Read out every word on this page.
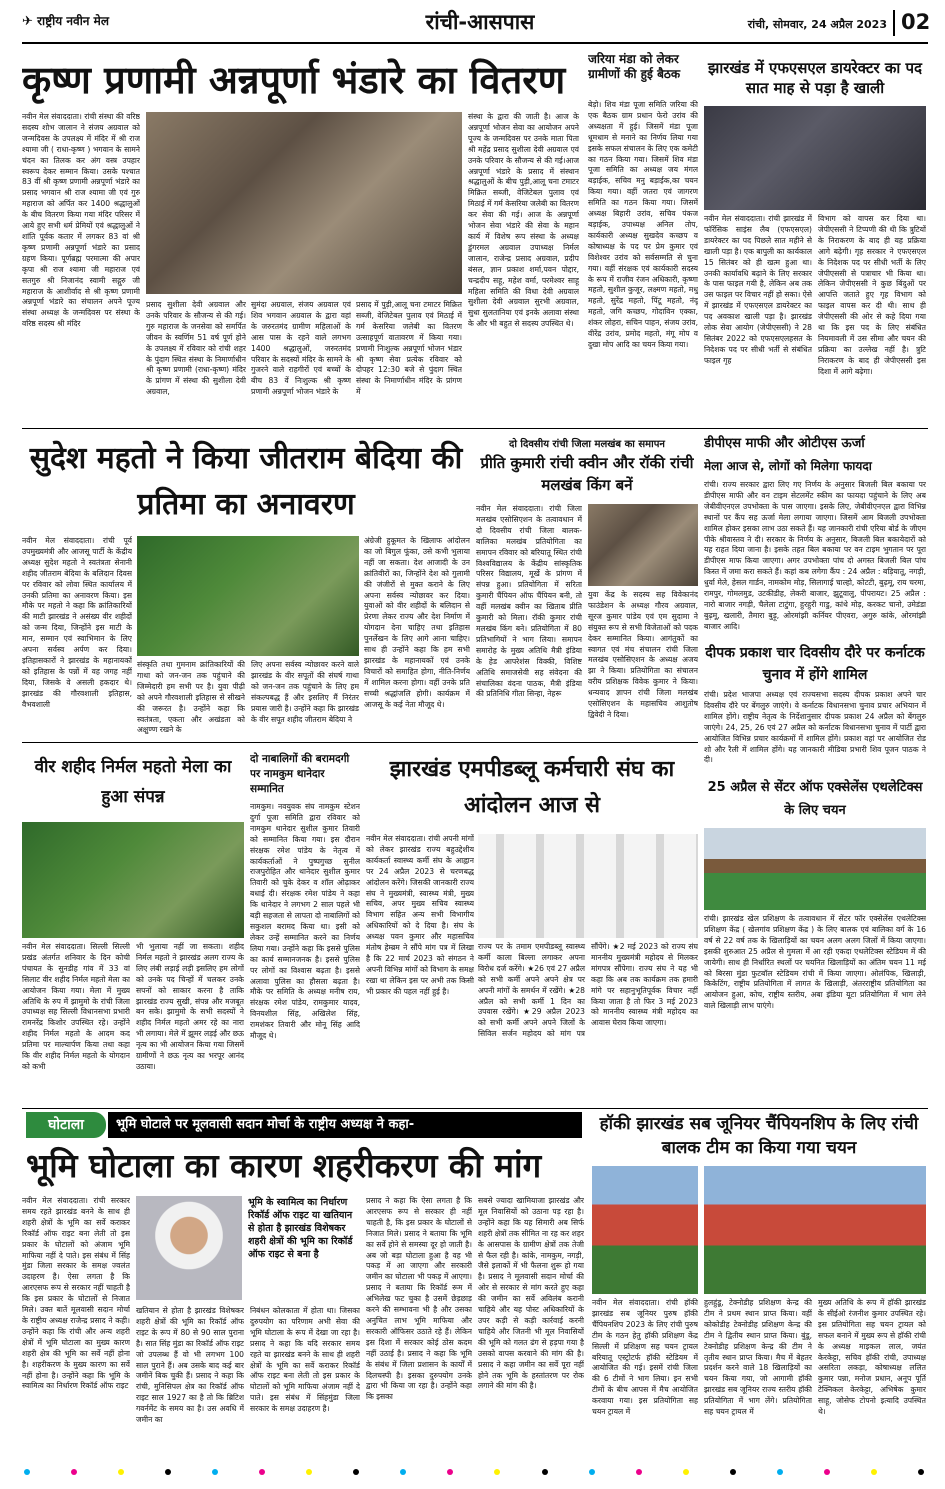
✈ राष्ट्रीय नवीन मेल	रांची-आसपास	रांची, सोमवार, 24 अप्रैल 2023 02
कृष्ण प्रणामी अन्नपूर्णा भंडारे का वितरण
नवीन मेल संवाददाता। रांची संस्था की वरिष्ठ सदस्य शोभ जालान ने संजय अग्रवाल को जन्मदिवस के उपलक्ष्य में मंदिर में श्री राज श्यामा जी ( राधा-कृष्ण ) भगवान के सामने चंदन का तिलक कर अंग वस्त्र उपहार स्वरूप देकर सम्मान किया। उसके पश्चात 83 वीं श्री कृष्ण प्रणामी अन्नपूर्णा भंडारे का प्रसाद भगवान श्री राज श्यामा जी एवं गुरु महाराज को अर्पित कर 1400 श्रद्धालुओं के बीच वितरण किया गया मंदिर परिसर में आये हुए सभी धर्म प्रेमियों एवं श्रद्धालुओं ने शांति पूर्वक कतार में लगकर 83 वां श्री कृष्ण प्रणामी अन्नपूर्णा भंडारे का प्रसाद ग्रहण किया। पूर्णब्रह्म परमात्मा की अपार कृपा श्री राज श्यामा जी महाराज एवं सतगुरु श्री निजानंद स्वामी सद्गुरु जी महाराज के आशीर्वाद से श्री कृष्ण प्रणामी अन्नपूर्णा भंडारे का संचालन अपने पूज्य संस्था अध्यक्ष के जन्मदिवस पर संस्था के वरिष्ठ सदस्य श्री मंदिर
प्रसाद सुशीला देवी अग्रवाल और उनके परिवार के सौजन्य से की गई। गुरु महाराज के जनसेवा को समर्पित जीवन के स्वर्णिम 51 वर्ष पूर्ण होने के उपलक्ष्य में रविवार को रांची शहर के पुंदाग स्थित संस्था के निमार्णाधीन श्री कृष्ण प्रणामी (राधा-कृष्ण) मंदिर के प्रांगण में संस्था की सुशीला देवी अग्रवाल,
सुमंदा अग्रवाल, संजय अग्रवाल एवं शिव भगवान अग्रवाल के द्वारा वहां के जरुरतमंद ग्रामीण महिलाओं के आस पास के रहने वाले लगभग 1400 श्रद्धालुओं, जरुरतमंद परिवार के सदस्यों मंदिर के सामने के गुजरने वाले राहगीरों एवं बच्चों के बीच 83 वें निःशुल्क श्री कृष्ण प्रणामी अन्नपूर्णा भोजन भंडारे के
प्रसाद में पुड़ी,आलू चना टमाटर मिक्रित सब्जी, वेजिटेबल पुलाव एवं मिठाई में गर्म केसरिया जलेबी का वितरण उत्साहपूर्ण वातावरण में किया गया। प्रणामी निःशुल्क अन्नपूर्णा भोजन भंडार श्री कृष्ण सेवा प्रत्येक रविवार को दोपहर 12:30 बजे से पुंदाग स्थित संस्था के निमार्णाधीन मंदिर के प्रांगण में
संस्था के द्वारा की जाती है। आज के अन्नपूर्णा भोजन सेवा का आयोजन अपने पूज्य के जन्मदिवस पर उनके माता पिता श्री महेंद्र प्रसाद सुशीला देवी अग्रवाल एवं उनके परिवार के सौजन्य से की गई।आज अन्नपूर्णा भंडारे के प्रसाद में संस्थान श्रद्धालुओं के बीच पुड़ी,आलू चना टमाटर मिक्रित सब्जी, वेजिटेबल पुलाव एवं मिठाई में गर्म केसरिया जलेबी का वितरण कर सेवा की गई। आज के अन्नपूर्णा भोजन सेवा भंडारे की सेवा के महान कार्य में विशेष रूप संस्था के अध्यक्ष डुंगरमल अग्रवाल उपाध्यक्ष निर्मल जालान, राजेन्द्र प्रसाद अग्रवाल, प्रदीप बंसल, ज्ञान प्रकाश शर्मा,पवन पोद्दार, चन्द्रदीप सहू, महेश वर्मा, परमेश्वर साहू महिला समिति की विधा देवी अग्रवाल सुशीला देवी अग्रवाल सुरभी अग्रवाल, सुधा सुलतानिया एवं इनके अलावा संस्था के और भी बहुत से सदस्य उपस्थित थे।
जरिया मंडा को लेकर ग्रामीणों की हुई बैठक
बेड़ो। शिव मंडा पूजा समिति जरिया की एक बैठक ग्राम प्रधान फेरो उरांव की अध्यक्षता में हुई। जिसमें मंडा पूजा धूमधाम से मनाने का निर्णय लिया गया इसके सफल संचालन के लिए एक कमेटी का गठन किया गया। जिसमें शिव मंडा पूजा समिति का अध्यक्ष जय मंगल बड़ाईक, सचिव मनु बड़ाईक,का चयन किया गया। वहीं जतरा एवं जागरण समिति का गठन किया गया। जिसमें अध्यक्ष बिहारी उरांव, सचिव पंकज बड़ाईक, उपाध्यक्ष अनिल तोप, कार्यकारी अध्यक्ष सुखदेव कच्छप व कोषाध्यक्ष के पद पर प्रेम कुमार एवं विशेश्वर उरांव को सर्वसम्मति से चुना गया। वहीं संरक्षक एवं कार्यकारी सदस्य के रूप में राजीव रंजन अधिकारी, कृष्णा महतो, सुशील कुजूर, लक्ष्मण महतो, मधु महतो, सुरेंद्र महतो, पिंटू महतो, नंदू महतो, जगि कच्छप, गोदाविन एक्का, शंकर लोहरा, सचिन पाहन, संजय उरांव, वीरेंद्र उरांव, प्रमोद महतो, मंगू मोप व दुखा मोप आदि का चयन किया गया।
झारखंड में एफएसएल डायरेक्टर का पद सात माह से पड़ा है खाली
नवीन मेल संवाददाता। रांची झारखंड में फॉरेंसिक साइंस लैब (एफएसएल) डायरेक्टर का पद पिछले सात महीने से खाली पड़ा है। एक बापुली का कार्यकाल 15 सितंबर को ही खत्म हुआ था। उनकी कार्यावधि बढ़ाने के लिए सरकार के पास फाइल गयी है, लेकिन अब तक उस फाइल पर विचार नहीं हो सका। ऐसे में झारखंड में एफएसएल डायरेक्टर का पद अवकाश खाली पड़ा है। झारखंड लोक सेवा आयोग (जेपीएससी) ने 28 सितंबर 2022 को एफएसएलहसत के निदेशक पद पर सीधी भर्ती से संबंधित फाइल गृह
विभाग को वापस कर दिया था। जेपीएससी ने टिप्पणी की थी कि त्रुटियों के निराकरण के बाद ही यह प्रक्रिया आगे बढ़ेगी। गृह सरकार ने एफएसएल के निदेशक पद पर सीधी भर्ती के लिए जेपीएससी से पत्राचार भी किया था। लेकिन जेपीएससी ने कुछ बिंदुओं पर आपत्ति जताते हुए गृह विभाग को फाइल वापस कर दी थी। साथ ही जेपीएससी की ओर से कहे दिया गया था कि इस पद के लिए संबंधित नियमावली में उस सीमा और चयन की प्रक्रिया का उल्लेख नहीं है। त्रुटि निराकरण के बाद ही जेपीएससी इस दिशा में आगे बढ़ेगा।
सुदेश महतो ने किया जीतराम बेदिया की प्रतिमा का अनावरण
नवीन मेल संवाददाता। रांची पूर्व उपमुख्यमंत्री और आजसू पार्टी के केंद्रीय अध्यक्ष सुदेश महतो ने स्वतंत्रता सेनानी शहीद जीतराम बेदिया के बलिदान दिवस पर रविवार को लोवा स्थित कार्यालय में उनकी प्रतिमा का अनावरण किया। इस मौके पर महतो ने कहा कि क्रांतिकारियों की माटी झारखंड ने असंख्य वीर शहीदों को जन्म दिया, जिन्होंने इस माटी के मान, सम्मान एवं स्वाभिमान के लिए अपना सर्वस्व अर्पण कर दिया। इतिहासकारों ने झारखंड के महानायकों को इतिहास के पन्नों में वह जगह नहीं दिया, जिसके वे असली हकदार थे। झारखंड की गौरवशाली इतिहास, वैभवशाली
संस्कृति तथा गुमनाम क्रांतिकारियों की गाथा को जन-जन तक पहुंचाने की जिम्मेदारी हम सभी पर है। युवा पीढ़ी को अपने गौरवशाली इतिहास से सीखने की जरूरत है। उन्होंने कहा कि स्वतंत्रता, एकता और अखंडता को अक्षुण्ण रखने के
लिए अपना सर्वस्व न्योछावर करने वाले झारखंड के वीर सपूतों की संघर्ष गाथा को जन-जन तक पहुंचाने के लिए हम संकल्पबद्ध हैं और इसलिए मैं निरंतर प्रयास जारी है। उन्होंने कहा कि झारखंड के वीर सपूत शहीद जीतराम बेदिया ने
अंग्रेजी हुकूमत के खिलाफ आंदोलन का जो बिगुल फूंका, उसे कभी भुलाया नहीं जा सकता। देश आजादी के उन क्रांतिवीरों का, जिन्होंने देश को गुलामी की जंजीरों से मुक्त कराने के लिए अपना सर्वस्व न्योछावर कर दिया। युवाओं को वीर शहीदों के बलिदान से प्रेरणा लेकर राज्य और देश निर्माण में योगदान देना चाहिए तथा इतिहास पुनर्लेखन के लिए आगे आना चाहिए। साथ ही उन्होंने कहा कि हम सभी झारखंड के महानायकों एवं उनके विचारों को समाहित होगा, नीति-निर्णय में शामिल करना होगा। वहीं उनके प्रति सच्ची श्रद्धांजलि होगी। कार्यक्रम में आजसू के कई नेता मौजूद थे।
दो दिवसीय रांची जिला मलखंब का समापन
प्रीति कुमारी रांची क्वीन और रॉकी रांची मलखंब किंग बनें
नवीन मेल संवाददाता। रांची जिला मलखंब एसोसिएशन के तत्वावधान में दो दिवसीय रांची जिला बालक- बालिका मलखंब प्रतियोगिता का समापन रविवार को बरियातू स्थित रांची विश्वविद्यालय के केंद्रीय सांस्कृतिक परिसर विद्यालय, मूर्खे के प्रांगण में संपन्न हुआ। प्रतियोगिता में सरिता कुमारी चैंपियन ऑफ चैंपियन बनी, तो वहीं मलखंब क्वीन का खिताब प्रीति कुमारी को मिला। रॉकी कुमार रांची मलखंब किंग बने। प्रतियोगिता में 80 प्रतिभागियों ने भाग लिया। समापन समारोह के मुख्य अतिथि मैत्री इंडिया के हेड आपरेशंस विक्की, विशिष्ट अतिथि समाजसेवी सह संवेदना की संचालिका वंदना पाठक, मैत्री इंडिया की प्रतिनिधि गीता सिन्हा, नेहरू
युवा केंद्र के सदस्य सह विवेकानंद फाउंडेशन के अध्यक्ष गौरव अग्रवाल, सूरज कुमार पांडेय एवं एम सुदामा ने संयुक्त रूप से सभी विजेताओं को पदक देकर सम्मानित किया। आगंतुकों का स्वागत एवं मंच संचालन रांची जिला मलखंब एसोसिएशन के अध्यक्ष अजय झा ने किया। प्रतियोगिता का संचालन वरीय प्रशिक्षक विवेक कुमार ने किया। धन्यवाद ज्ञापन रांची जिला मलखंब एसोसिएशन के महासचिव आशुतोष द्विवेदी ने दिया।
डीपीएस माफी और ओटीएस ऊर्जा
मेला आज से, लोगों को मिलेगा फायदा
रांची। राज्य सरकार द्वारा लिए गए निर्णय के अनुसार बिजली बिल बकाया पर डीपीएस माफी और वन टाइम सेटलमेंट स्कीम का फायदा पहुंचाने के लिए अब जेबीवीएनएल उपभोक्ता के पास जाएगा। इसके लिए, जेबीवीएनएल द्वारा विभिन्न स्थानों पर कैंप सह ऊर्जा मेला लगाया जाएगा। जिसमें आम बिजली उपभोक्ता शामिल होकर इसका लाभ उठा सकते हैं। यह जानकारी रांची एरिया बोर्ड के जीएम पीके श्रीवास्तव ने दी। सरकार के निर्णय के अनुसार, बिजली बिल बकायेदारों को यह राहत दिया जाना है। इसके तहत बिल बकाया पर वन टाइम भुगतान पर पूरा डीपीएस माफ किया जाएगा। अगर उपभोक्ता पांच दो अगस्त बिजली बिल पांच किस्त में जमा करा सकते हैं। कहां कब लगेगा कैंप : 24 अप्रैल : बड़ियातू, नगड़ी, धुर्वा मेले, हेसल गार्डन, नामकोम मोड़, सिलागाई चाल्हो, कोटटी, बुढ़मू, राय चरमा, रामपुर, गोमलमुड, उटकीडीह, लेकरी बाजार, झुटूवालु, पीपरायट। 25 अप्रैल : नारो बाजार नगड़ी, चैलेला टाटुंगा, हुरहुरी गाडु, कांथे मोड़, करकट चानो, उमेडंडा बुढ़मू, खलारी, तैमारा बुड़ू, ओरमांझी कर्नियर पीएवरा, अगुरु कांके, ओरमांझी बाजार आदि।
दीपक प्रकाश चार दिवसीय दौरे पर कर्नाटक चुनाव में होंगे शामिल
रांची। प्रदेश भाजपा अध्यक्ष एवं राज्यसभा सदस्य दीपक प्रकाश अपने चार दिवसीय दौरे पर बेंगलुरु जाएंगे। वे कर्नाटक विधानसभा चुनाव प्रचार अभियान में शामिल होंगे। राष्ट्रीय नेतृत्व के निर्देशानुसार दीपक प्रकाश 24 अप्रैल को बेंगलुरु जाएंगे। 24, 25, 26 एवं 27 अप्रैल को कर्नाटक विधानसभा चुनाव में पार्टी द्वारा आयोजित विभिन्न प्रचार कार्यक्रमों में शामिल होंगे। प्रकाश वहां पर आयोजित रोड शो और रैली में शामिल होंगे। यह जानकारी मीडिया प्रभारी शिव पूजन पाठक ने दी।
25 अप्रैल से सेंटर ऑफ एक्सेलेंस एथलेटिक्स के लिए चयन
रांची। झारखंड खेल प्रशिक्षण के तत्वावधान में सेंटर फॉर एक्सेलेंस एथलेटिक्स प्रशिक्षण केंद्र ( खेलगांव प्रशिक्षण केंद्र ) के लिए बालक एवं बालिका वर्ग के 16 वर्ष से 22 वर्ष तक के खिलाड़ियों का चयन अलग अलग जिलों में किया जाएगा। इसकी शुरुआत 25 अप्रैल से गुमला में आ रही एकदा एथलेटिक्स स्टेडियम में की जायेगी। साथ ही निर्धारित स्थलों पर चयनित खिलाड़ियों का अंतिम चयन 11 मई को बिरसा मुंडा फुटबॉल स्टेडियम रांची में किया जाएगा। ओलंपिक, खिलाड़ी, किकेटिंग, राष्ट्रीय प्रतियोगिता में लागत के खिलाड़ी, अंतरराष्ट्रीय प्रतियोगिता का आयोजन हुआ, कोच, राष्ट्रीय स्तरीय, अबा इंडिया यूटा प्रतियोगिता में भाग लेने वाले खिलाड़ी लाभ पाएंगे।
वीर शहीद निर्मल महतो मेला का हुआ संपन्न
नवीन मेल संवाददाता। सिल्ली सिल्ली प्रखंड अंतर्गत शनिवार के दिन कोची पंचायत के सुनडीह गांव में 33 वां सिलाट वीर शहीद निर्मल महतो मेला का आयोजन किया गया। मेला में मुख्य अतिथि के रुप में झामुमो के रांची जिला उपाध्यक्ष सह सिल्ली विधानसभा प्रभारी रामनरेंद्र किशोर उपस्थित रहे। उन्होंने शहीद निर्मल महतो के आदम कद प्रतिमा पर माल्यार्पण किया तथा कहा कि वीर शहीद निर्मल महतो के योगदान को कभी
भी भुलाया नहीं जा सकता। शहीद निर्मल महतो ने झारखंड अलग राज्य के लिए लंबी लड़ाई लड़ी इसलिए हम लोगों को उनके पद चिन्हों में चलकर उनके सपनों को साकार करना है ताकि झारखंड राज्य सुखी, संपन्न और मजबूत बन सके। झामुमो के सभी सदस्यों ने शहीद निर्मल महतो अमर रहे का नारा भी लगाया। मेले में झूमर लड़ई और छऊ नृत्य का भी आयोजन किया गया जिसमें ग्रामीणों ने छऊ नृत्य का भरपूर आनंद उठाया।
दो नाबालिगों की बरामदगी पर नामकुम थानेदार सम्मानित
नामकुम। नवयुवक संघ नामकुम स्टेशन दुर्गा पूजा समिति द्वारा रविवार को नामकुम थानेदार सुशील कुमार तिवारी को सम्मानित किया गया। इस दौरान संरक्षक रमेश पांडेय के नेतृत्व में कार्यकर्ताओं ने पुष्पगुच्छ सुनील राजपुरोहित और थानेदार सुशील कुमार तिवारी को चुके देकर व शॉल ओढ़ाकर बधाई दी। संरक्षक रमेश पांडेय ने कहा कि थानेदार ने लगभग 2 साल पहले भी बड़ी सहजता से लापता दो नाबालिगों को सकुशल बरामद किया था। इसी को लेकर उन्हें सम्मानित करने का निर्णय लिया गया। उन्होंने कहा कि इससे पुलिस का कार्य सम्मानजनक है। इससे पुलिस पर लोगों का विश्वास बढ़ता है। इससे अलावा पुलिस का हौसला बढ़ता है। मौके पर समिति के अध्यक्ष मनीष राय, संरक्षक रमेश पांडेय, रामकुमार यादव, विनयशील सिंह, अखिलेश सिंह, रामशंकर तिवारी और मोनू सिंह आदि मौजूद थे।
झारखंड एमपीडब्लू कर्मचारी संघ का आंदोलन आज से
नवीन मेल संवाददाता। रांची अपनी मांगों को लेकर झारखंड राज्य बहुउद्देशीय कार्यकर्ता स्वास्थ्य कर्मी संघ के आह्वान पर 24 अप्रैल 2023 से चरणबद्ध आंदोलन करेंगे। जिसकी जानकारी राज्य संघ ने मुख्यमंत्री, स्वास्थ्य मंत्री, मुख्य सचिव, अपर मुख्य सचिव स्वास्थ्य विभाग सहित अन्य सभी विभागीय अधिकारियों को दे दिया है। संघ के अध्यक्ष पवन कुमार और महासचिव मंतोष हेम्ब्रम ने सौंपे मांग पत्र में लिखा है कि 22 मार्च 2023 को संगठन ने अपनी विभिन्न मांगों को विभाग के समक्ष रखा था लेकिन इस पर अभी तक किसी भी प्रकार की पहल नहीं हुई है।
राज्य पर के तमाम एमपीडब्लू स्वास्थ्य कर्मी काला बिल्ला लगाकर अपना विरोध दर्ज करेंगे। ★26 एवं 27 अप्रैल को सभी कर्मी अपने अपने क्षेत्र पर अपनी मांगों के समर्थन में रखेंगे। ★28 अप्रैल को सभी कर्मी 1 दिन का उपवास रखेंगे। ★29 अप्रैल 2023 को सभी कर्मी अपने अपने जिलों के सिविल सर्जन महोदय को मांग पत्र सौंपेंगे। ★2 मई 2023 को राज्य संघ माननीय मुख्यमंत्री महोदय से मिलकर मांगपत्र सौंपेगा। राज्य संघ ने यह भी कहा कि अब तक कार्यक्रम तक हमारी मांगे पर सहानुभूतिपूर्वक विचार नहीं किया जाता है तो फिर 3 मई 2023 को माननीय स्वास्थ्य मंत्री महोदय का आवास घेराव किया जाएगा।
घोटाला	भूमि घोटाले पर मूलवासी सदान मोर्चा के राष्ट्रीय अध्यक्ष ने कहा-
भूमि घोटाला का कारण शहरीकरण की मांग
नवीन मेल संवाददाता। रांची सरकार समय रहते झारखंड बनने के साथ ही शहरी क्षेत्रों के भूमि का सर्वे कराकर रिकॉर्ड ऑफ राइट बना लेती तो इस प्रकार के घोटालों को अंजाम भूमि माफिया नहीं दे पाते। इस संबंध में सिंह मुंडा जिला सरकार के समक्ष ज्वलंत उदाहरण है। ऐसा लगता है कि आरएसफ रूप से सरकार नहीं चाहती है कि इस प्रकार के घोटालों से निजात मिले। उक्त बातें मूलवासी सदान मोर्चा के राष्ट्रीय अध्यक्ष राजेन्द्र प्रसाद ने कही। उन्होंने कहा कि रांची और अन्य शहरी क्षेत्रों में भूमि घोटाला का मुख्य कारण शहरी क्षेत्र की भूमि का सर्वे नहीं होना है। शहरीकरण के मुख्य कारण का सर्वे नहीं होना है। उन्होंने कहा कि भूमि के स्वामित्व का निर्धारण रिकॉर्ड ऑफ राइट
भूमि के स्वामित्व का निर्धारण रिकॉर्ड ऑफ राइट या खतियान से होता है झारखंड विशेषकर शहरी क्षेत्रों की भूमि का रिकॉर्ड ऑफ राइट से बना है
खतियान से होता है झारखंड विशेषकर शहरी क्षेत्रों की भूमि का रिकॉर्ड ऑफ राइट के रूप में 80 से 90 साल पुराना है। सात सिंह मुंडा का रिकॉर्ड ऑफ राइट जो उपलब्ध हैं वो भी लगभग 100 साल पुराने हैं। अब उसके बाद कई बार जमीनें बिक चुकी हैं। प्रसाद ने कहा कि रांची, मुनिसिपल क्षेत्र का रिकॉर्ड ऑफ राइट साल 1927 का है तो कि ब्रिटिश गवर्नमेंट के समय का है। उस अवधि में जमीन का
निबंधन कोलकाता में होता था। जिसका दुरुपयोग का परिणाम अभी सेवा की भूमि घोटाला के रूप में देखा जा रहा है। प्रसाद ने कहा कि यदि सरकार समय रहते या झारखंड बनने के साथ ही शहरी क्षेत्रों के भूमि का सर्वे कराकर रिकॉर्ड ऑफ राइट बना लेती तो इस प्रकार के घोटालों को भूमि माफिया अंजाम नहीं दे पाते। इस संबंध में सिंहमुंडा जिला सरकार के समक्ष उदाहरण है।
प्रसाद ने कहा कि ऐसा लगता है कि आरएसफ रूप से सरकार ही नहीं चाहती है, कि इस प्रकार के घोटालों से निजात मिले। प्रसाद ने बताया कि भूमि का सर्वे होने से समस्या दूर हो जाती है। अब जो बड़ा घोटाला हुआ है वह भी पकड़ में आ जाएगा और सरकारी जमीन का घोटाला भी पकड़ में आएगा। प्रसाद ने बताया कि रिकॉर्ड रूम में अभिलेख फट चुका है उसमें छेड़छाड़ करने की सम्भावना भी है और उसका अनुचित लाभ भूमि माफिया और सरकारी ऑफिसर उठाते रहे हैं। लेकिन इस दिशा में सरकार कोई ठोस कदम नहीं उठाई है। प्रसाद ने कहा कि भूमि के संबंध में जिला प्रशासन के कार्यों में दिलचस्पी है। इसका दुरुपयोग उनके द्वारा भी किया जा रहा है। उन्होंने कहा कि इसका
सबसे ज्यादा खामियाजा झारखंड और मूल निवासियों को उठाना पड़ रहा है। उन्होंने कहा कि यह सिमारी अब सिर्फ शहरी क्षेत्रों तक सीमित ना रह कर शहर के आसपास के ग्रामीण क्षेत्रों तक तेजी से फैल रही है। कांके, नामकुम, नगड़ी, जैसे इलाकों में भी फैलना शुरू हो गया है। प्रसाद ने मूलवासी सदान मोर्चा की ओर से सरकार से मांग करते हुए कहा की जमीन का सर्वे अविलंब करानी चाहिये और यह पोस्ट अधिकारियों के उपर कड़ी से कड़ी कार्रवाई करनी चाहिये और जितनी भी मूल निवासियों की भूमि को गलत ढंग से हड़पा गया है उसको वापस करवाने की मांग की है। प्रसाद ने कहा जमीन का सर्वे पूरा नहीं होने तक भूमि के हस्तांतरण पर रोक लगाने की मांग की है।
हॉकी झारखंड सब जूनियर चैंपियनशिप के लिए रांची बालक टीम का किया गया चयन
नवीन मेल संवाददाता। रांची हॉकी झारखंड सब जूनियर पुरुष हॉकी चैंपियनशिप 2023 के लिए रांची पुरुष टीम के गठन हेतु हॉकी प्रशिक्षण केंद्र सिल्ली में प्रशिक्षण सह चयन ट्रायल बरियातू एस्ट्रोटर्फ हॉकी स्टेडियम में आयोजित की गई। इसमें रांची जिला की 6 टीमों ने भाग लिया। इन सभी टीमों के बीच आपस में मैच आयोजित करवाया गया। इस प्रतियोगिता सह चयन ट्रायल में
हुलहुंडू, टेक्नोडीह प्रशिक्षण केन्द्र की टीम ने प्रथम स्थान प्राप्त किया। वहीं कोकोडीह टेक्नोडीह प्रशिक्षण केन्द्र की टीम ने द्वितीय स्थान प्राप्त किया। बुंडू, टेक्नोडीह प्रशिक्षण केन्द्र की टीम ने तृतीय स्थान प्राप्त किया। मैच में बेहतर प्रदर्शन करने वाले 18 खिलाड़ियों का चयन किया गया, जो आगामी हॉकी झारखंड सब जूनियर राज्य स्तरीय हॉकी प्रतियोगिता में भाग लेंगे। प्रतियोगिता सह चयन ट्रायल में
मुख्य अतिथि के रूप में हॉकी झारखंड के सीईओ रंजनीश कुमार उपस्थित रहे। इस प्रतियोगिता सह चयन ट्रायल को सफल बनाने में मुख्य रूप से हॉकी रांची के अध्यक्ष माइकल लाल, जयंत केरकेट्टा, सचिव हॉकी रांची, उपाध्यक्ष असरिता लकड़ा, कोषाध्यक्ष ललित कुमार पन्ना, मनोज प्रधान, अनूप पूर्ति टेक्निकल केरकेट्टा, अभिषेक कुमार साहू, जोसेफ टोपनो इत्यादि उपस्थित थे।
